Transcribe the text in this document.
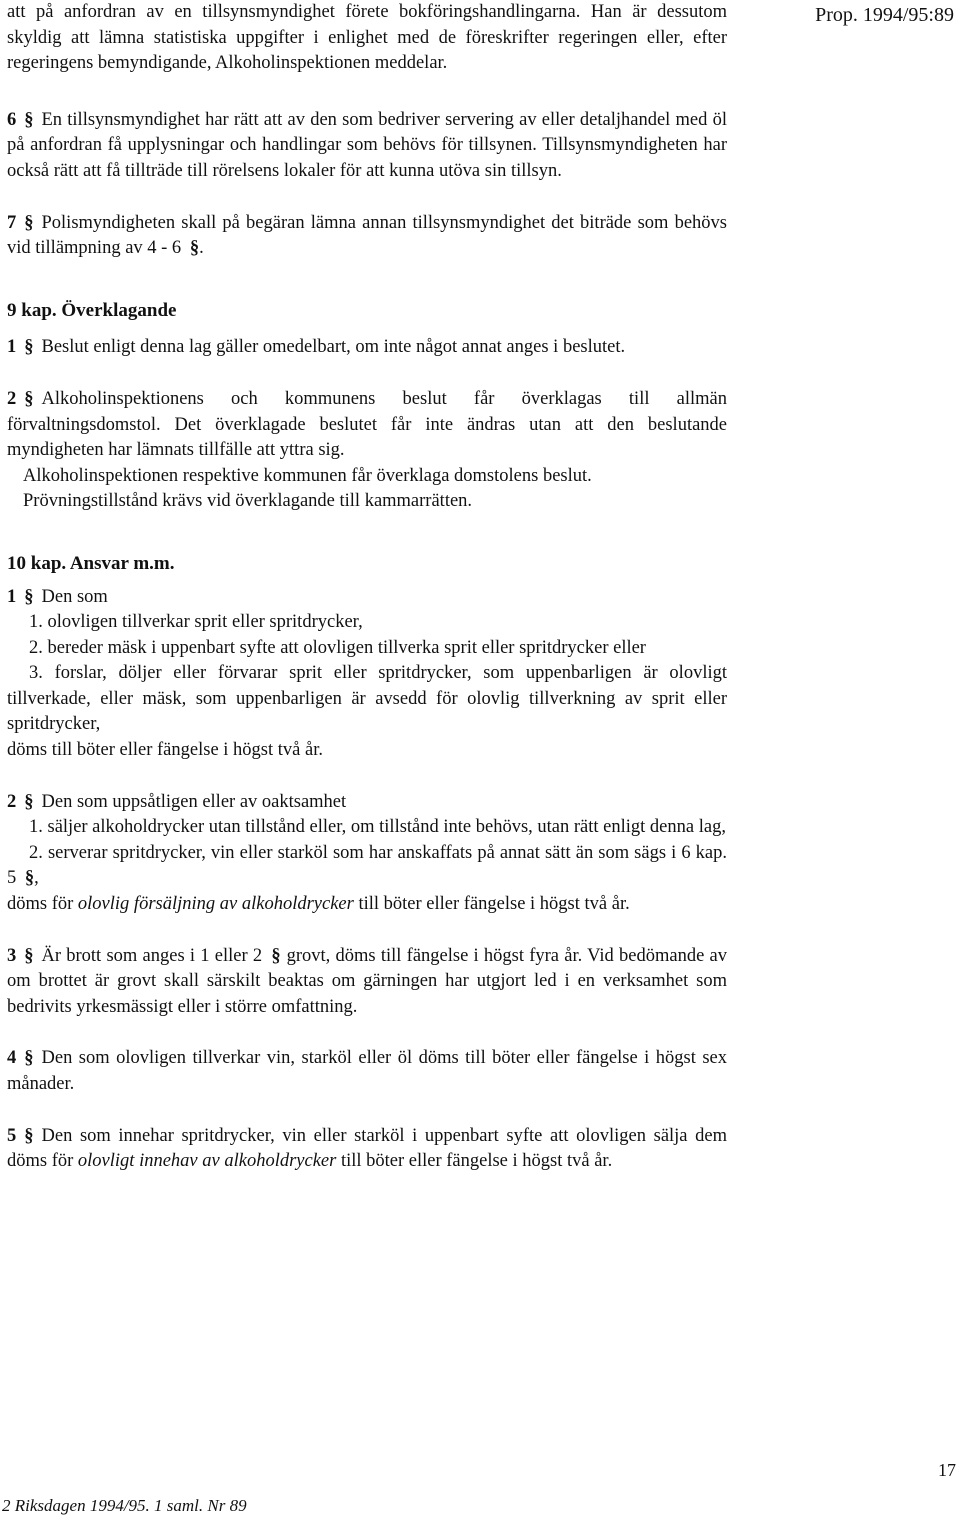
Prop. 1994/95:89

att på anfordran av en tillsynsmyndighet förete bokföringshandlingarna. Han är dessutom skyldig att lämna statistiska uppgifter i enlighet med de föreskrifter regeringen eller, efter regeringens bemyndigande, Alkoholinspektionen meddelar.

6 § En tillsynsmyndighet har rätt att av den som bedriver servering av eller detaljhandel med öl på anfordran få upplysningar och handlingar som behövs för tillsynen. Tillsynsmyndigheten har också rätt att få tillträde till rörelsens lokaler för att kunna utöva sin tillsyn.

7 § Polismyndigheten skall på begäran lämna annan tillsynsmyndighet det biträde som behövs vid tillämpning av 4 - 6 §.

9 kap. Överklagande

1 § Beslut enligt denna lag gäller omedelbart, om inte något annat anges i beslutet.

2 § Alkoholinspektionens och kommunens beslut får överklagas till allmän förvaltningsdomstol. Det överklagade beslutet får inte ändras utan att den beslutande myndigheten har lämnats tillfälle att yttra sig.

Alkoholinspektionen respektive kommunen får överklaga domstolens beslut.

Prövningstillstånd krävs vid överklagande till kammarrätten.

10 kap. Ansvar m.m.

1 § Den som

1. olovligen tillverkar sprit eller spritdrycker,

2. bereder mäsk i uppenbart syfte att olovligen tillverka sprit eller spritdrycker eller

3. forslar, döljer eller förvarar sprit eller spritdrycker, som uppenbarligen är olovligt tillverkade, eller mäsk, som uppenbarligen är avsedd för olovlig tillverkning av sprit eller spritdrycker,

döms till böter eller fängelse i högst två år.

2 § Den som uppsåtligen eller av oaktsamhet

1. säljer alkoholdrycker utan tillstånd eller, om tillstånd inte behövs, utan rätt enligt denna lag,

2. serverar spritdrycker, vin eller starköl som har anskaffats på annat sätt än som sägs i 6 kap. 5 §,

döms för olovlig försäljning av alkoholdrycker till böter eller fängelse i högst två år.

3 § Är brott som anges i 1 eller 2 § grovt, döms till fängelse i högst fyra år. Vid bedömande av om brottet är grovt skall särskilt beaktas om gärningen har utgjort led i en verksamhet som bedrivits yrkesmässigt eller i större omfattning.

4 § Den som olovligen tillverkar vin, starköl eller öl döms till böter eller fängelse i högst sex månader.

5 § Den som innehar spritdrycker, vin eller starköl i uppenbart syfte att olovligen sälja dem döms för olovligt innehav av alkoholdrycker till böter eller fängelse i högst två år.

17
2 Riksdagen 1994/95. 1 saml. Nr 89
